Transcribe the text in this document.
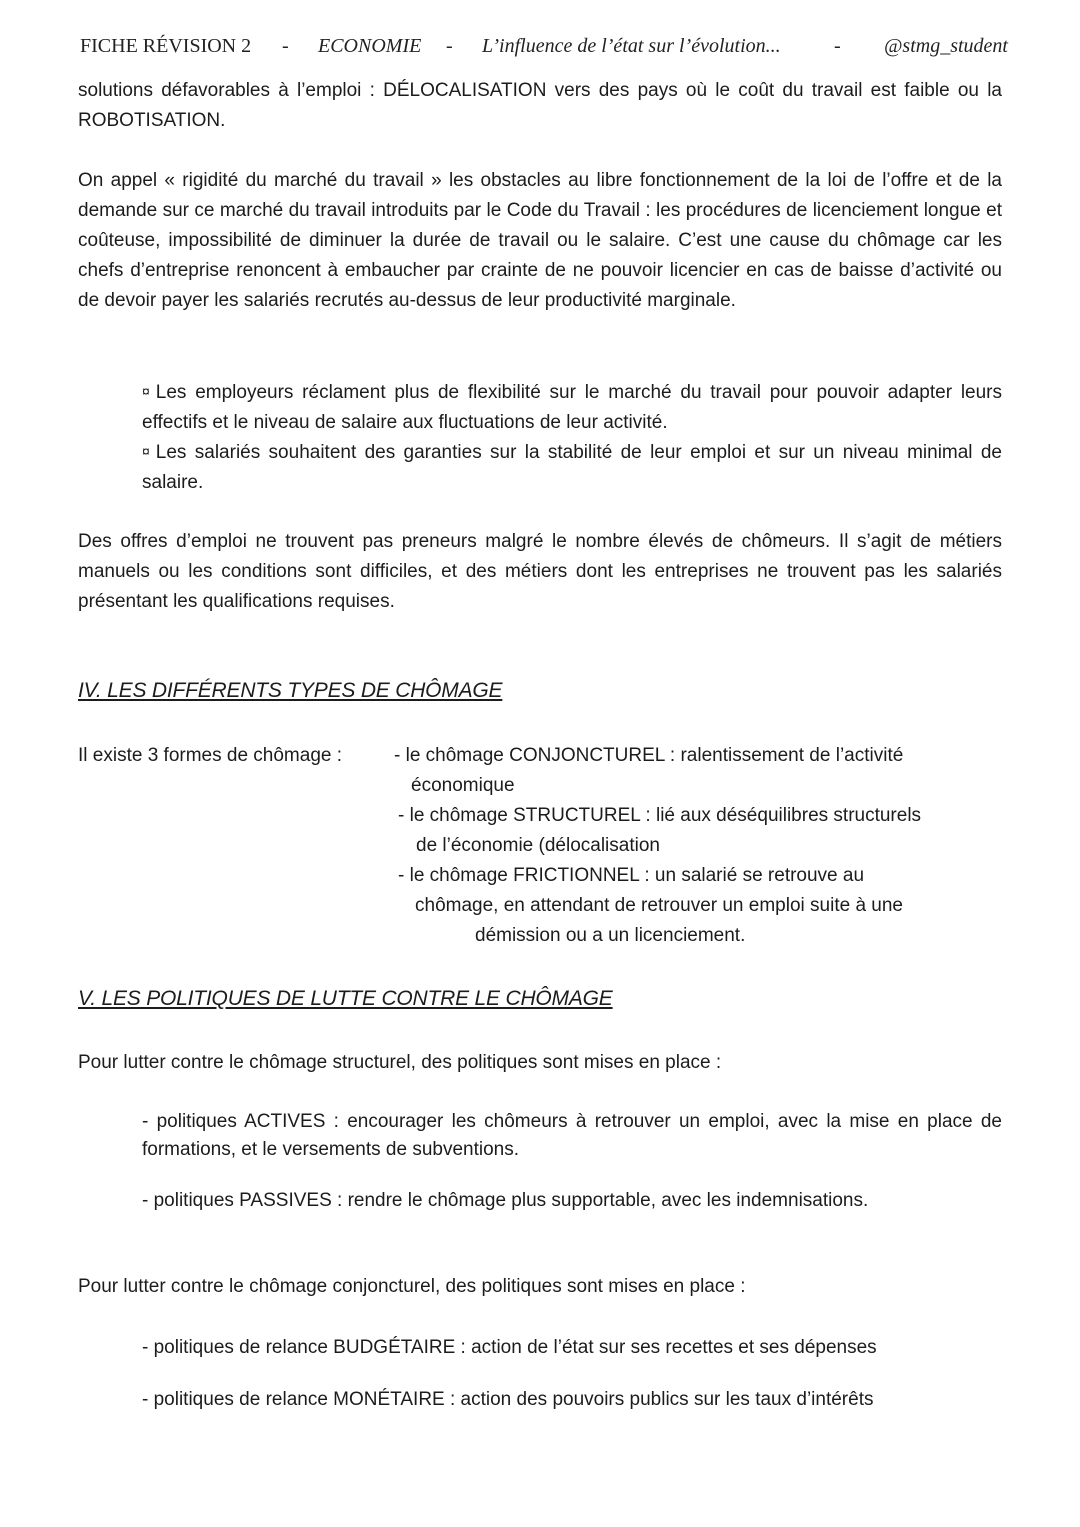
FICHE RÉVISION 2 - ECONOMIE - L’influence de l’état sur l’évolution...	- @stmg_student

solutions défavorables à l’emploi : DÉLOCALISATION vers des pays où le coût du travail est faible ou la ROBOTISATION.

On appel « rigidité du marché du travail » les obstacles au libre fonctionnement de la loi de l’offre et de la demande sur ce marché du travail introduits par le Code du Travail : les procédures de licenciement longue et coûteuse, impossibilité de diminuer la durée de travail ou le salaire. C’est une cause du chômage car les chefs d’entreprise renoncent à embaucher par crainte de ne pouvoir licencier en cas de baisse d’activité ou de devoir payer les salariés recrutés au-dessus de leur productivité marginale.

¤ Les employeurs réclament plus de flexibilité sur le marché du travail pour pouvoir adapter leurs effectifs et le niveau de salaire aux fluctuations de leur activité.

¤ Les salariés souhaitent des garanties sur la stabilité de leur emploi et sur un niveau minimal de salaire.

Des offres d’emploi ne trouvent pas preneurs malgré le nombre élevés de chômeurs. Il s’agit de métiers manuels ou les conditions sont difficiles, et des métiers dont les entreprises ne trouvent pas les salariés présentant les qualifications requises.

IV. LES DIFFÉRENTS TYPES DE CHÔMAGE
Il existe 3 formes de chômage :	- le chômage CONJONCTUREL : ralentissement de l’activité
économique
- le chômage STRUCTUREL : lié aux déséquilibres structurels
de l’économie (délocalisation
- le chômage FRICTIONNEL : un salarié se retrouve au
chômage, en attendant de retrouver un emploi suite à une
démission ou a un licenciement.
V. LES POLITIQUES DE LUTTE CONTRE LE CHÔMAGE

Pour lutter contre le chômage structurel, des politiques sont mises en place :

- politiques ACTIVES : encourager les chômeurs à retrouver un emploi, avec la mise en place de formations, et le versements de subventions.

- politiques PASSIVES : rendre le chômage plus supportable, avec les indemnisations.

Pour lutter contre le chômage conjoncturel, des politiques sont mises en place :

- politiques de relance BUDGÉTAIRE : action de l’état sur ses recettes et ses dépenses

- politiques de relance MONÉTAIRE : action des pouvoirs publics sur les taux d’intérêts
